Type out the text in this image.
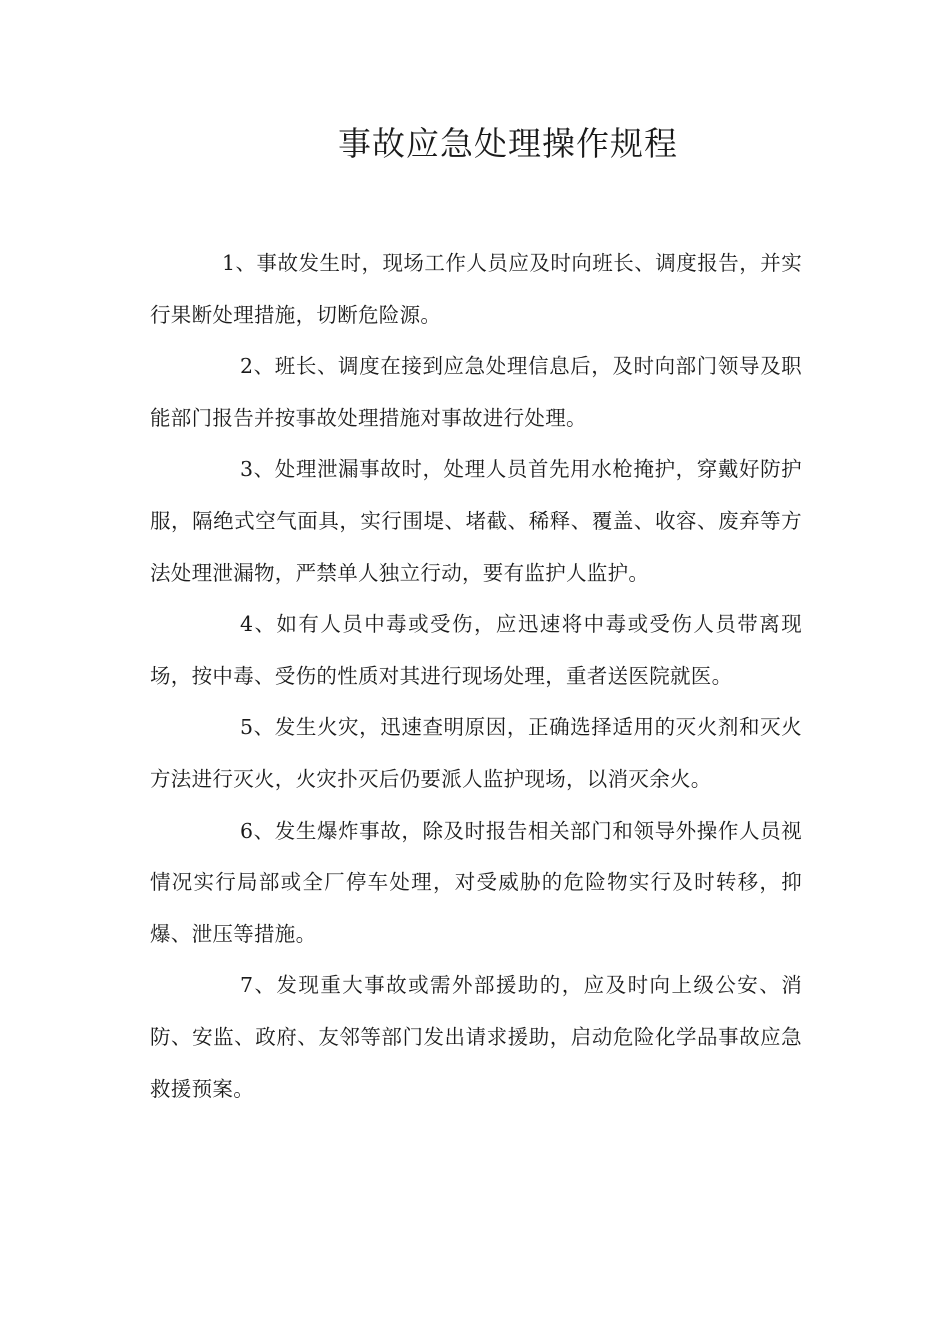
事故应急处理操作规程

1、事故发生时，现场工作人员应及时向班长、调度报告，并实行果断处理措施，切断危险源。

2、班长、调度在接到应急处理信息后，及时向部门领导及职能部门报告并按事故处理措施对事故进行处理。

3、处理泄漏事故时，处理人员首先用水枪掩护，穿戴好防护服，隔绝式空气面具，实行围堤、堵截、稀释、覆盖、收容、废弃等方法处理泄漏物，严禁单人独立行动，要有监护人监护。

4、如有人员中毒或受伤，应迅速将中毒或受伤人员带离现场，按中毒、受伤的性质对其进行现场处理，重者送医院就医。

5、发生火灾，迅速查明原因，正确选择适用的灭火剂和灭火方法进行灭火，火灾扑灭后仍要派人监护现场，以消灭余火。

6、发生爆炸事故，除及时报告相关部门和领导外操作人员视情况实行局部或全厂停车处理，对受威胁的危险物实行及时转移，抑爆、泄压等措施。

7、发现重大事故或需外部援助的，应及时向上级公安、消防、安监、政府、友邻等部门发出请求援助，启动危险化学品事故应急救援预案。
